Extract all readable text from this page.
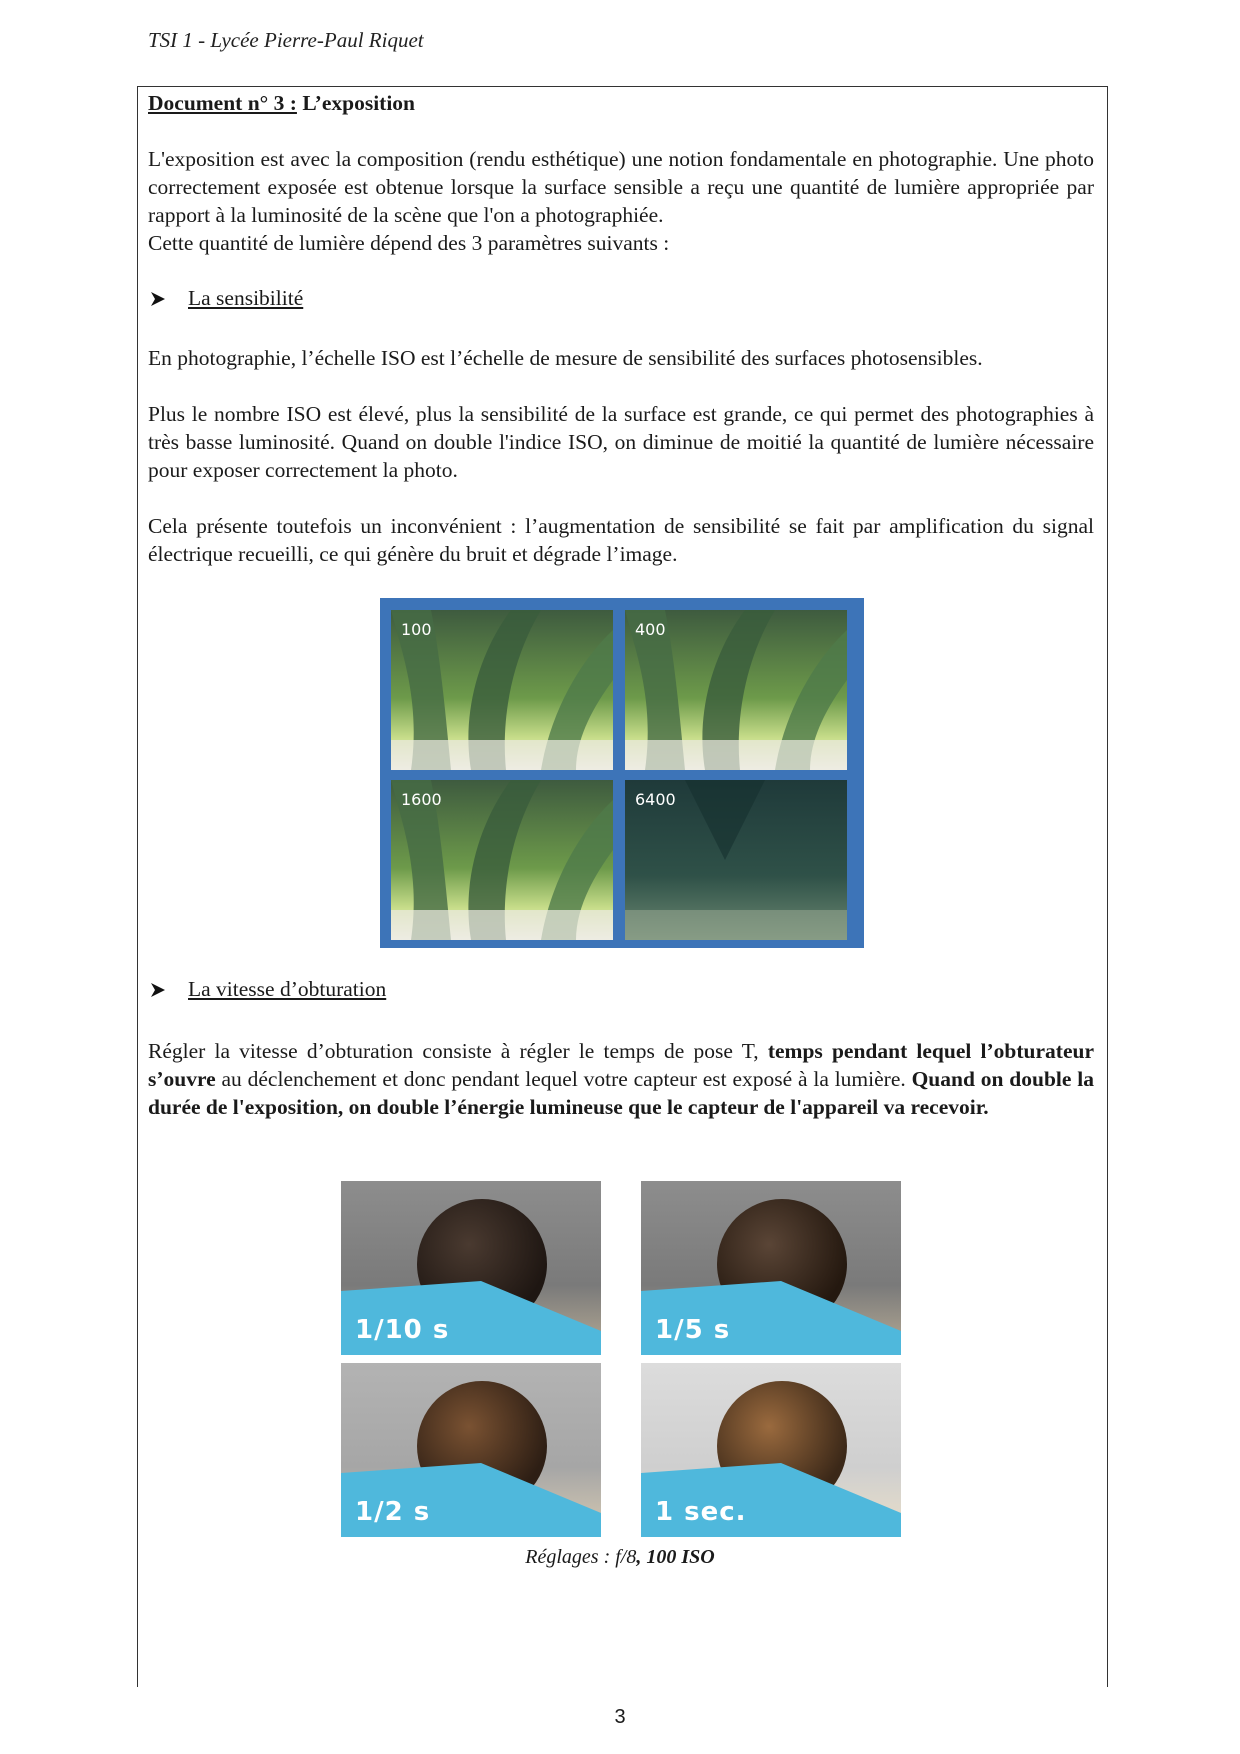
TSI 1 - Lycée Pierre-Paul Riquet
Document n° 3 : L’exposition

L'exposition est avec la composition (rendu esthétique) une notion fondamentale en photographie. Une photo correctement exposée est obtenue lorsque la surface sensible a reçu une quantité de lumière appropriée par rapport à la luminosité de la scène que l'on a photographiée.

Cette quantité de lumière dépend des 3 paramètres suivants :

La sensibilité

En photographie, l’échelle ISO est l’échelle de mesure de sensibilité des surfaces photosensibles.

Plus le nombre ISO est élevé, plus la sensibilité de la surface est grande, ce qui permet des photographies à très basse luminosité. Quand on double l'indice ISO, on diminue de moitié la quantité de lumière nécessaire pour exposer correctement la photo.

Cela présente toutefois un inconvénient : l’augmentation de sensibilité se fait par amplification du signal électrique recueilli, ce qui génère du bruit et dégrade l’image.

100	400
1600	6400
La vitesse d’obturation

Régler la vitesse d’obturation consiste à régler le temps de pose T, temps pendant lequel l’obturateur s’ouvre au déclenchement et donc pendant lequel votre capteur est exposé à la lumière. Quand on double la durée de l'exposition, on double l’énergie lumineuse que le capteur de l'appareil va recevoir.

1/10 s	1/5 s
1/2 s	1 sec.
Réglages : f/8, 100 ISO
3
